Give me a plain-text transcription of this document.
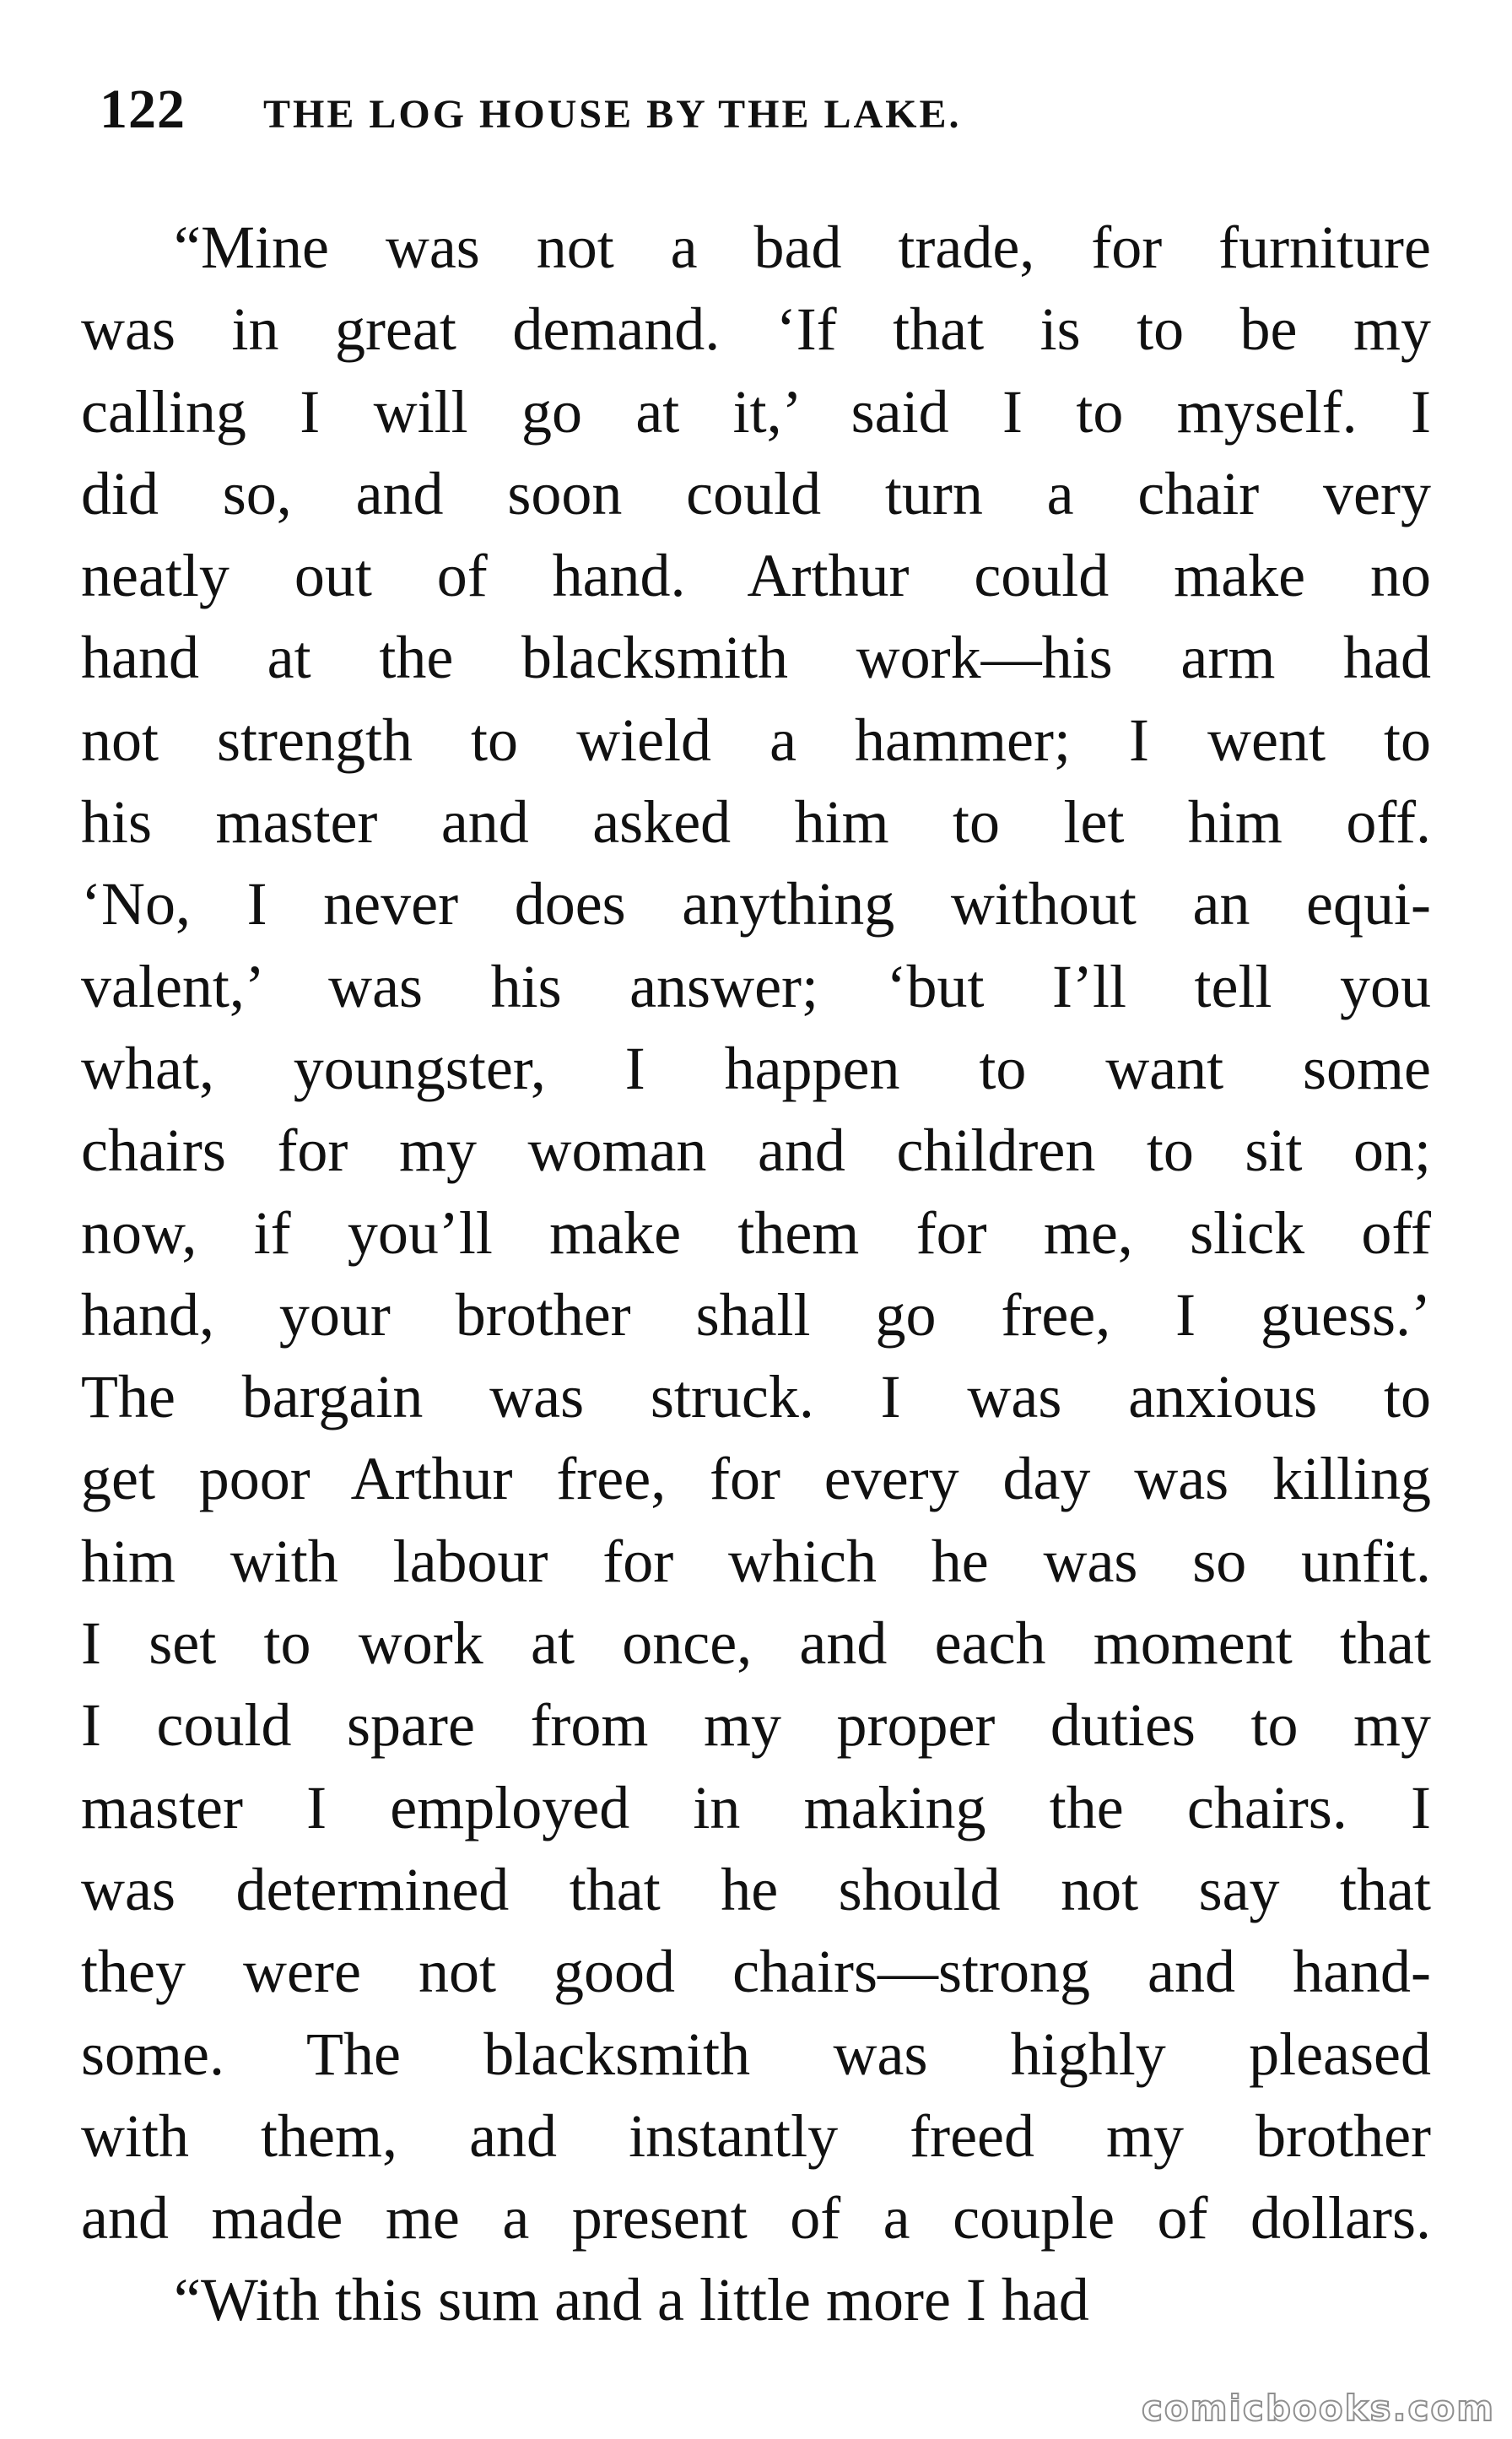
122 THE LOG HOUSE BY THE LAKE.
“Mine was not a bad trade, for furniture
was in great demand. ‘If that is to be my
calling I will go at it,’ said I to myself. I
did so, and soon could turn a chair very
neatly out of hand. Arthur could make no
hand at the blacksmith work—his arm had
not strength to wield a hammer; I went to
his master and asked him to let him off.
‘No, I never does anything without an equi-
valent,’ was his answer; ‘but I’ll tell you
what, youngster, I happen to want some
chairs for my woman and children to sit on;
now, if you’ll make them for me, slick off
hand, your brother shall go free, I guess.’
The bargain was struck. I was anxious to
get poor Arthur free, for every day was killing
him with labour for which he was so unfit.
I set to work at once, and each moment that
I could spare from my proper duties to my
master I employed in making the chairs. I
was determined that he should not say that
they were not good chairs—strong and hand-
some. The blacksmith was highly pleased
with them, and instantly freed my brother
and made me a present of a couple of dollars.
“With this sum and a little more I had
comicbooks.com
